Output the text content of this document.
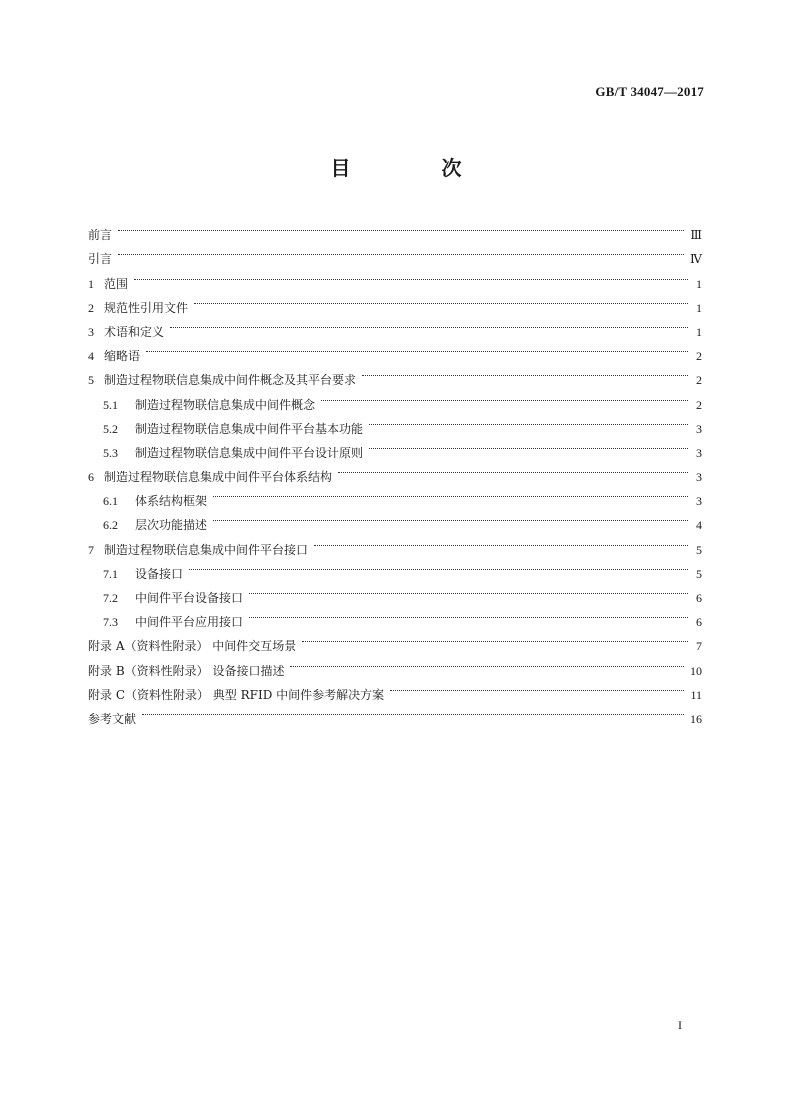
GB/T 34047—2017
目 次
前言	Ⅲ
引言	Ⅳ
1 范围	1
2 规范性引用文件	1
3 术语和定义	1
4 缩略语	2
5 制造过程物联信息集成中间件概念及其平台要求	2
5.1 制造过程物联信息集成中间件概念	2
5.2 制造过程物联信息集成中间件平台基本功能	3
5.3 制造过程物联信息集成中间件平台设计原则	3
6 制造过程物联信息集成中间件平台体系结构	3
6.1 体系结构框架	3
6.2 层次功能描述	4
7 制造过程物联信息集成中间件平台接口	5
7.1 设备接口	5
7.2 中间件平台设备接口	6
7.3 中间件平台应用接口	6
附录 A（资料性附录） 中间件交互场景	7
附录 B（资料性附录） 设备接口描述	10
附录 C（资料性附录） 典型 RFID 中间件参考解决方案	11
参考文献	16
I
